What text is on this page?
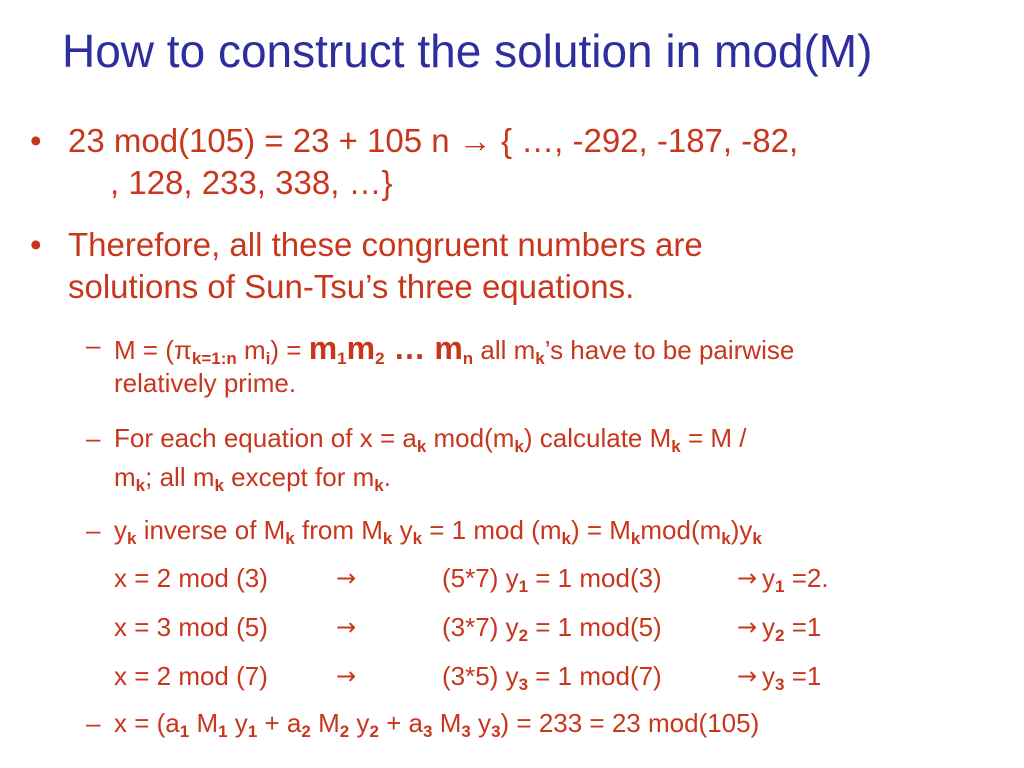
How to construct the solution in mod(M)
• 23 mod(105) = 23 + 105 n → { …, -292, -187, -82,
, 128, 233, 338, …}
• Therefore, all these congruent numbers are
solutions of Sun-Tsu’s three equations.
– M = (πk=1:n mi) = m1m2 … mn all mk’s have to be pairwise
relatively prime.
– For each equation of x = ak mod(mk) calculate Mk = M /
mk; all mk except for mk.
– yk inverse of Mk from Mk yk = 1 mod (mk) = Mkmod(mk)yk
x = 2 mod (3)	→	(5*7) y1 = 1 mod(3)	→ y1 =2.
x = 3 mod (5)	→	(3*7) y2 = 1 mod(5)	→ y2 =1
x = 2 mod (7)	→	(3*5) y3 = 1 mod(7)	→ y3 =1
– x = (a1 M1 y1 + a2 M2 y2 + a3 M3 y3) = 233 = 23 mod(105)
